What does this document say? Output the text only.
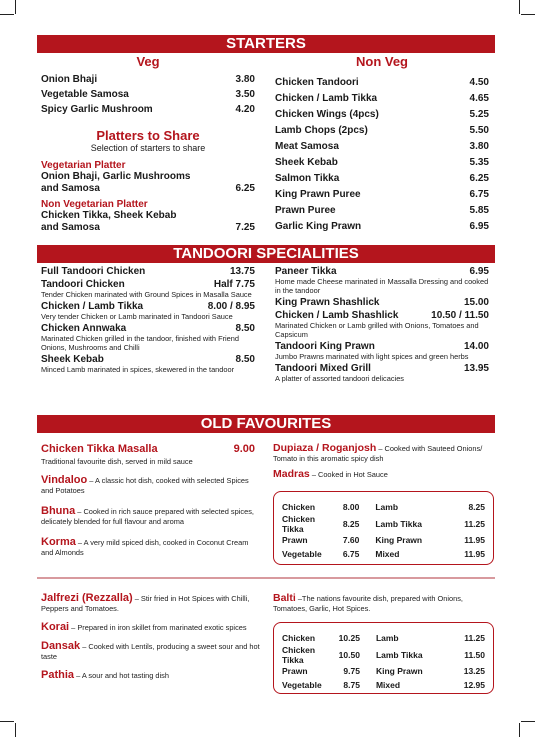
STARTERS
Veg
Onion Bhaji	3.80
Vegetable Samosa	3.50
Spicy Garlic Mushroom	4.20
Platters to Share
Selection of starters to share
Vegetarian Platter
Onion Bhaji, Garlic Mushrooms
and Samosa	6.25
Non Vegetarian Platter
Chicken Tikka, Sheek Kebab
and Samosa	7.25
Non Veg
Chicken Tandoori	4.50
Chicken / Lamb Tikka	4.65
Chicken Wings (4pcs)	5.25
Lamb Chops (2pcs)	5.50
Meat Samosa	3.80
Sheek Kebab	5.35
Salmon Tikka	6.25
King Prawn Puree	6.75
Prawn Puree	5.85
Garlic King Prawn	6.95
TANDOORI SPECIALITIES
Full Tandoori Chicken	13.75
Tandoori Chicken	Half 7.75
Tender Chicken marinated with Ground Spices in Masalla Sauce
Chicken / Lamb Tikka	8.00 / 8.95
Very tender Chicken or Lamb marinated in Tandoori Sauce
Chicken Annwaka	8.50
Marinated Chicken grilled in the tandoor, finished with Friend Onions, Mushrooms and Chilli
Sheek Kebab	8.50
Minced Lamb marinated in spices, skewered in the tandoor
Paneer Tikka	6.95
Home made Cheese marinated in Massalla Dressing and cooked in the tandoor
King Prawn Shashlick	15.00
Chicken / Lamb Shashlick	10.50 / 11.50
Marinated Chicken or Lamb grilled with Onions, Tomatoes and Capsicum
Tandoori King Prawn	14.00
Jumbo Prawns marinated with light spices and green herbs
Tandoori Mixed Grill	13.95
A platter of assorted tandoori delicacies
OLD FAVOURITES
Chicken Tikka Masalla	9.00
Traditional favourite dish, served in mild sauce
Vindaloo – A classic hot dish, cooked with selected Spices and Potatoes
Bhuna – Cooked in rich sauce prepared with selected spices, delicately blended for full flavour and aroma
Korma – A very mild spiced dish, cooked in Coconut Cream and Almonds
Dupiaza / Roganjosh – Cooked with Sauteed Onions/ Tomato in this aromatic spicy dish
Madras – Cooked in Hot Sauce
Chicken	8.00	Lamb	8.25
Chicken Tikka	8.25	Lamb Tikka	11.25
Prawn	7.60	King Prawn	11.95
Vegetable	6.75	Mixed	11.95
Jalfrezi (Rezzalla) – Stir fried in Hot Spices with Chilli, Peppers and Tomatoes.
Korai – Prepared in iron skillet from marinated exotic spices
Dansak – Cooked with Lentils, producing a sweet sour and hot taste
Pathia – A sour and hot tasting dish
Balti –The nations favourite dish, prepared with Onions, Tomatoes, Garlic, Hot Spices.
Chicken	10.25	Lamb	11.25
Chicken Tikka	10.50	Lamb Tikka	11.50
Prawn	9.75	King Prawn	13.25
Vegetable	8.75	Mixed	12.95
